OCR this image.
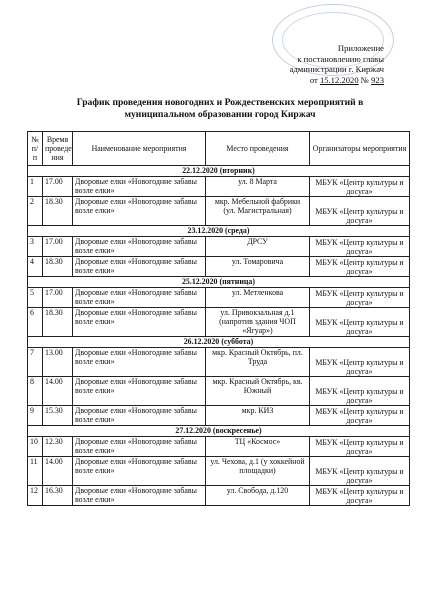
Приложение
к постановлению главы
администрации г. Киржач
от 15.12.2020 № 923
График проведения новогодних и Рождественских мероприятий в
муниципальном образовании город Киржач
№ п/п	Время проведе ния	Наименование мероприятия	Место проведения	Организаторы мероприятия
22.12.2020 (вторник)				
1	17.00	Дворовые елки «Новогодние забавы возле елки»	ул. 8 Марта	МБУК «Центр культуры и досуга»
2	18.30	Дворовые елки «Новогодние забавы возле елки»	мкр. Мебельной фабрики (ул. Магистральная)	МБУК «Центр культуры и досуга»
23.12.2020 (среда)				
3	17.00	Дворовые елки «Новогодние забавы возле елки»	ДРСУ	МБУК «Центр культуры и досуга»
4	18.30	Дворовые елки «Новогодние забавы возле елки»	ул. Томаровича	МБУК «Центр культуры и досуга»
25.12.2020 (пятница)				
5	17.00	Дворовые елки «Новогодние забавы возле елки»	ул. Метленкова	МБУК «Центр культуры и досуга»
6	18.30	Дворовые елки «Новогодние забавы возле елки»	ул. Привокзальная д.1 (напротив здания ЧОП «Ягуар»)	МБУК «Центр культуры и досуга»
26.12.2020 (суббота)				
7	13.00	Дворовые елки «Новогодние забавы возле елки»	мкр. Красный Октябрь, пл. Труда	МБУК «Центр культуры и досуга»
8	14.00	Дворовые елки «Новогодние забавы возле елки»	мкр. Красный Октябрь, кв. Южный	МБУК «Центр культуры и досуга»
9	15.30	Дворовые елки «Новогодние забавы возле елки»	мкр. КИЗ	МБУК «Центр культуры и досуга»
27.12.2020 (воскресенье)				
10	12.30	Дворовые елки «Новогодние забавы возле елки»	ТЦ «Космос»	МБУК «Центр культуры и досуга»
11	14.00	Дворовые елки «Новогодние забавы возле елки»	ул. Чехова, д.1 (у хоккейной площадки)	МБУК «Центр культуры и досуга»
12	16.30	Дворовые елки «Новогодние забавы возле елки»	ул. Свобода, д.120	МБУК «Центр культуры и досуга»
